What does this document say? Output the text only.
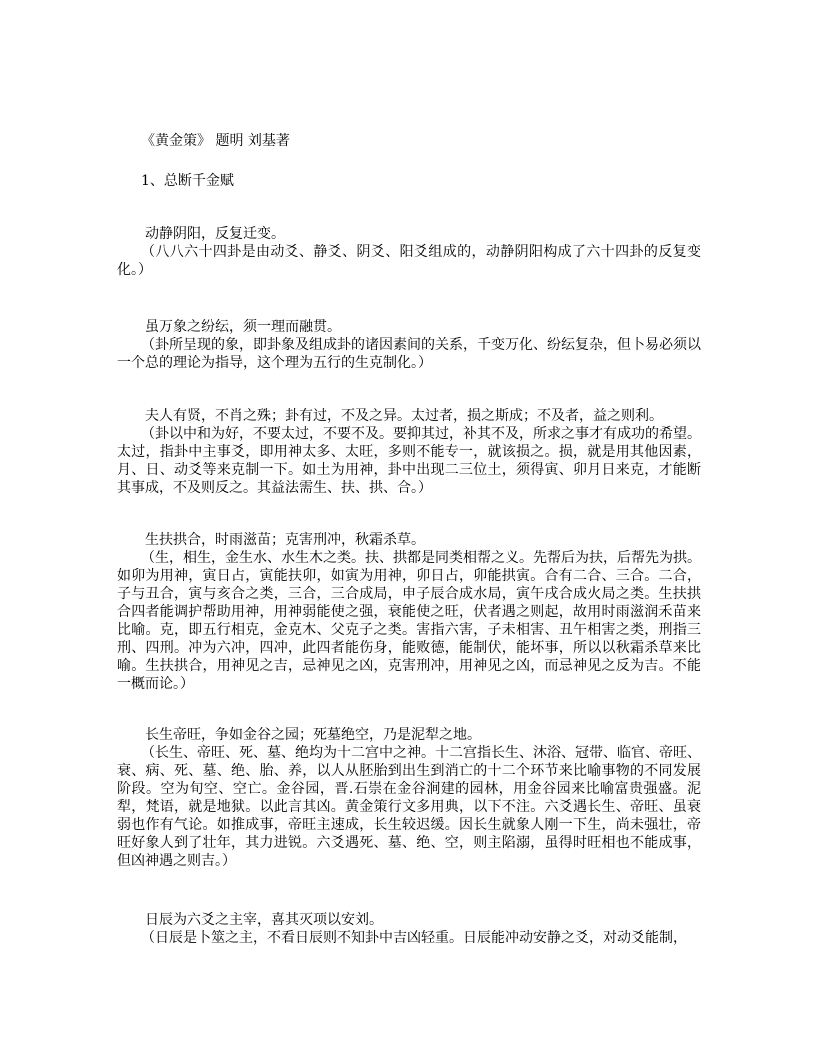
《黄金策》 题明 刘基著
1、总断千金赋

动静阴阳，反复迁变。

（八八六十四卦是由动爻、静爻、阴爻、阳爻组成的，动静阴阳构成了六十四卦的反复变化。）

虽万象之纷纭，须一理而融贯。

（卦所呈现的象，即卦象及组成卦的诸因素间的关系，千变万化、纷纭复杂，但卜易必须以一个总的理论为指导，这个理为五行的生克制化。）

夫人有贤，不肖之殊；卦有过，不及之异。太过者，损之斯成；不及者，益之则利。

（卦以中和为好，不要太过，不要不及。要抑其过，补其不及，所求之事才有成功的希望。太过，指卦中主事爻，即用神太多、太旺，多则不能专一，就该损之。损，就是用其他因素，月、日、动爻等来克制一下。如土为用神，卦中出现二三位土，须得寅、卯月日来克，才能断其事成，不及则反之。其益法需生、扶、拱、合。）

生扶拱合，时雨滋苗；克害刑冲，秋霜杀草。

（生，相生，金生水、水生木之类。扶、拱都是同类相帮之义。先帮后为扶，后帮先为拱。如卯为用神，寅日占，寅能扶卯，如寅为用神，卯日占，卯能拱寅。合有二合、三合。二合，子与丑合，寅与亥合之类，三合，三合成局，申子辰合成水局，寅午戌合成火局之类。生扶拱合四者能调护帮助用神，用神弱能使之强，衰能使之旺，伏者遇之则起，故用时雨滋润禾苗来比喻。克，即五行相克，金克木、父克子之类。害指六害，子未相害、丑午相害之类，刑指三刑、四刑。冲为六冲，四冲，此四者能伤身，能败德，能制伏，能坏事，所以以秋霜杀草来比喻。生扶拱合，用神见之吉，忌神见之凶，克害刑冲，用神见之凶，而忌神见之反为吉。不能一概而论。）

长生帝旺，争如金谷之园；死墓绝空，乃是泥犁之地。

（长生、帝旺、死、墓、绝均为十二宫中之神。十二宫指长生、沐浴、冠带、临官、帝旺、衰、病、死、墓、绝、胎、养，以人从胚胎到出生到消亡的十二个环节来比喻事物的不同发展阶段。空为旬空、空亡。金谷园，晋.石崇在金谷涧建的园林，用金谷园来比喻富贵强盛。泥犁，梵语，就是地狱。以此言其凶。黄金策行文多用典，以下不注。六爻遇长生、帝旺、虽衰弱也作有气论。如推成事，帝旺主速成，长生较迟缓。因长生就象人刚一下生，尚未强壮，帝旺好象人到了壮年，其力进锐。六爻遇死、墓、绝、空，则主陷溺，虽得时旺相也不能成事，但凶神遇之则吉。）

日辰为六爻之主宰，喜其灭项以安刘。

（日辰是卜筮之主，不看日辰则不知卦中吉凶轻重。日辰能冲动安静之爻，对动爻能制，
